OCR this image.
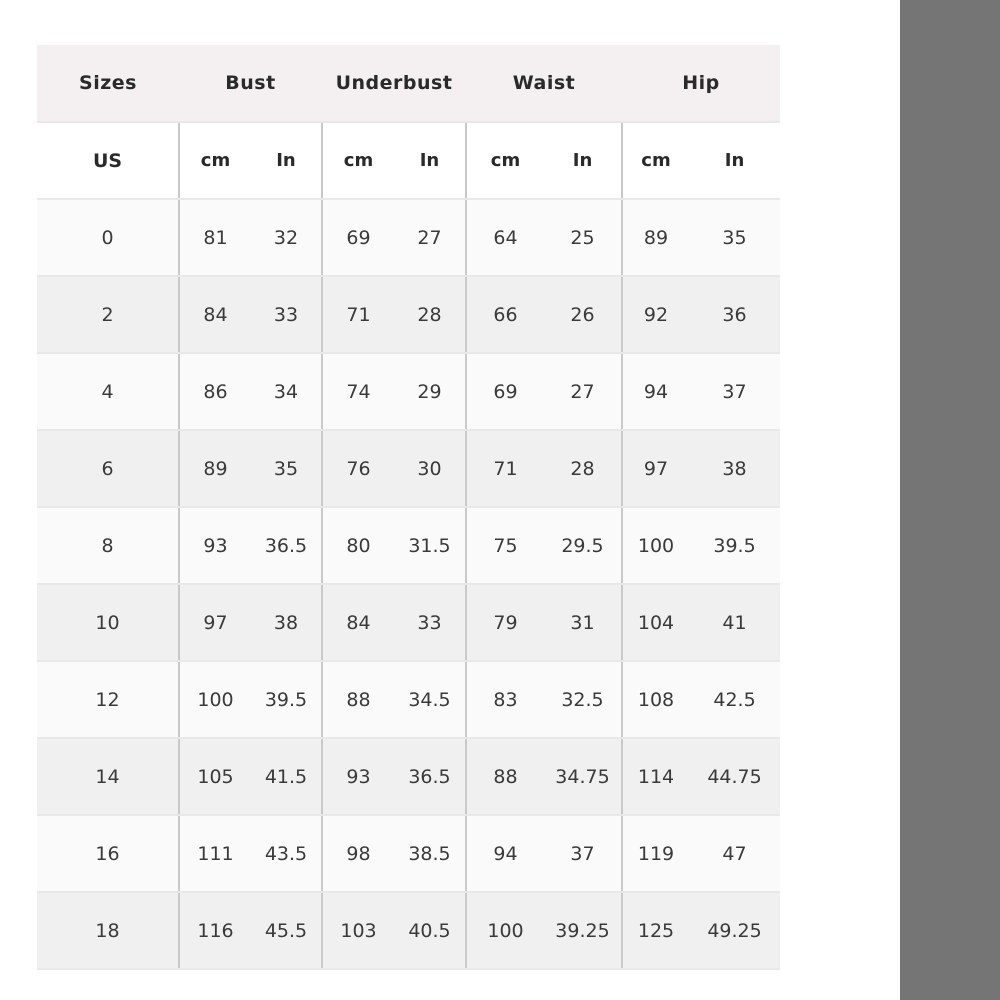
Sizes	Bust		Underbust		Waist		Hip	
US	cm	In	cm	In	cm	In	cm	In
0	81	32	69	27	64	25	89	35
2	84	33	71	28	66	26	92	36
4	86	34	74	29	69	27	94	37
6	89	35	76	30	71	28	97	38
8	93	36.5	80	31.5	75	29.5	100	39.5
10	97	38	84	33	79	31	104	41
12	100	39.5	88	34.5	83	32.5	108	42.5
14	105	41.5	93	36.5	88	34.75	114	44.75
16	111	43.5	98	38.5	94	37	119	47
18	116	45.5	103	40.5	100	39.25	125	49.25
